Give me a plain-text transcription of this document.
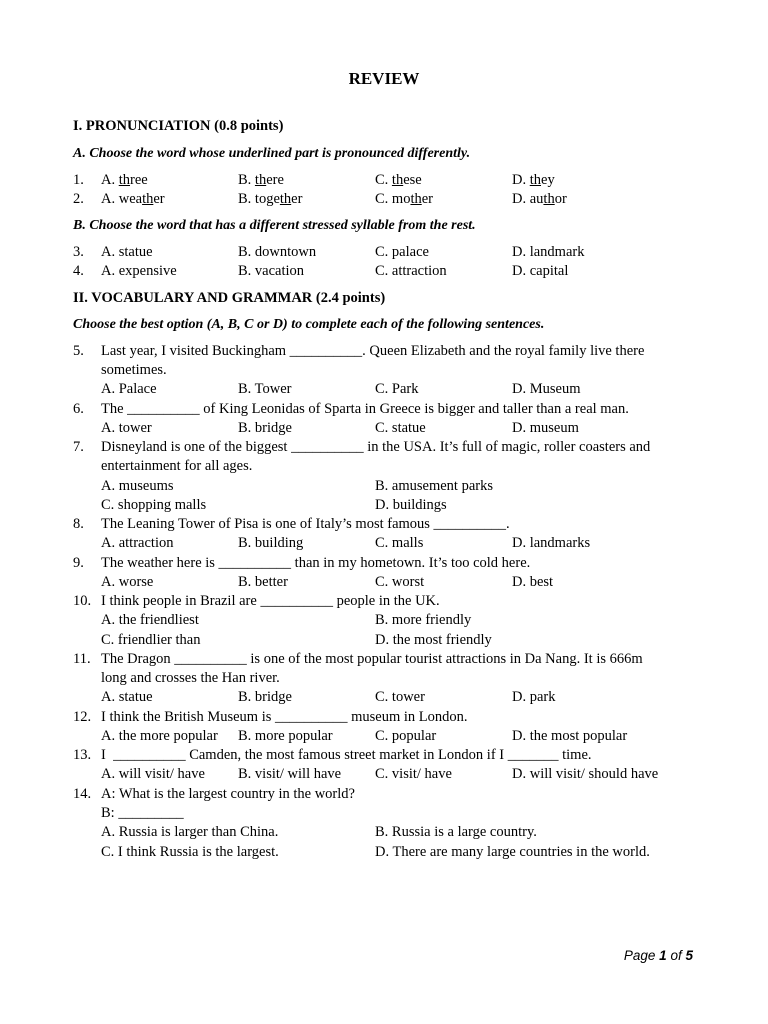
REVIEW
I. PRONUNCIATION (0.8 points)
A. Choose the word whose underlined part is pronounced differently.
1. A. three	B. there	C. these	D. they
2. A. weather	B. together	C. mother	D. author
B. Choose the word that has a different stressed syllable from the rest.
3. A. statue	B. downtown	C. palace	D. landmark
4. A. expensive	B. vacation	C. attraction	D. capital
II. VOCABULARY AND GRAMMAR (2.4 points)
Choose the best option (A, B, C or D) to complete each of the following sentences.
5. Last year, I visited Buckingham __________. Queen Elizabeth and the royal family live there
sometimes.
A. Palace	B. Tower	C. Park	D. Museum
6. The __________ of King Leonidas of Sparta in Greece is bigger and taller than a real man.
A. tower	B. bridge	C. statue	D. museum
7. Disneyland is one of the biggest __________ in the USA. It’s full of magic, roller coasters and
entertainment for all ages.
A. museums	B. amusement parks
C. shopping malls	D. buildings
8. The Leaning Tower of Pisa is one of Italy’s most famous __________.
A. attraction	B. building	C. malls	D. landmarks
9. The weather here is __________ than in my hometown. It’s too cold here.
A. worse	B. better	C. worst	D. best
10. I think people in Brazil are __________ people in the UK.
A. the friendliest	B. more friendly
C. friendlier than	D. the most friendly
11. The Dragon __________ is one of the most popular tourist attractions in Da Nang. It is 666m
long and crosses the Han river.
A. statue	B. bridge	C. tower	D. park
12. I think the British Museum is __________ museum in London.
A. the more popular B. more popular	C. popular	D. the most popular
13. I  __________ Camden, the most famous street market in London if I _______ time.
A. will visit/ have B. visit/ will have C. visit/ have	D. will visit/ should have
14. A: What is the largest country in the world?
B: _________
A. Russia is larger than China.	B. Russia is a large country.
C. I think Russia is the largest.	D. There are many large countries in the world.
Page 1 of 5
